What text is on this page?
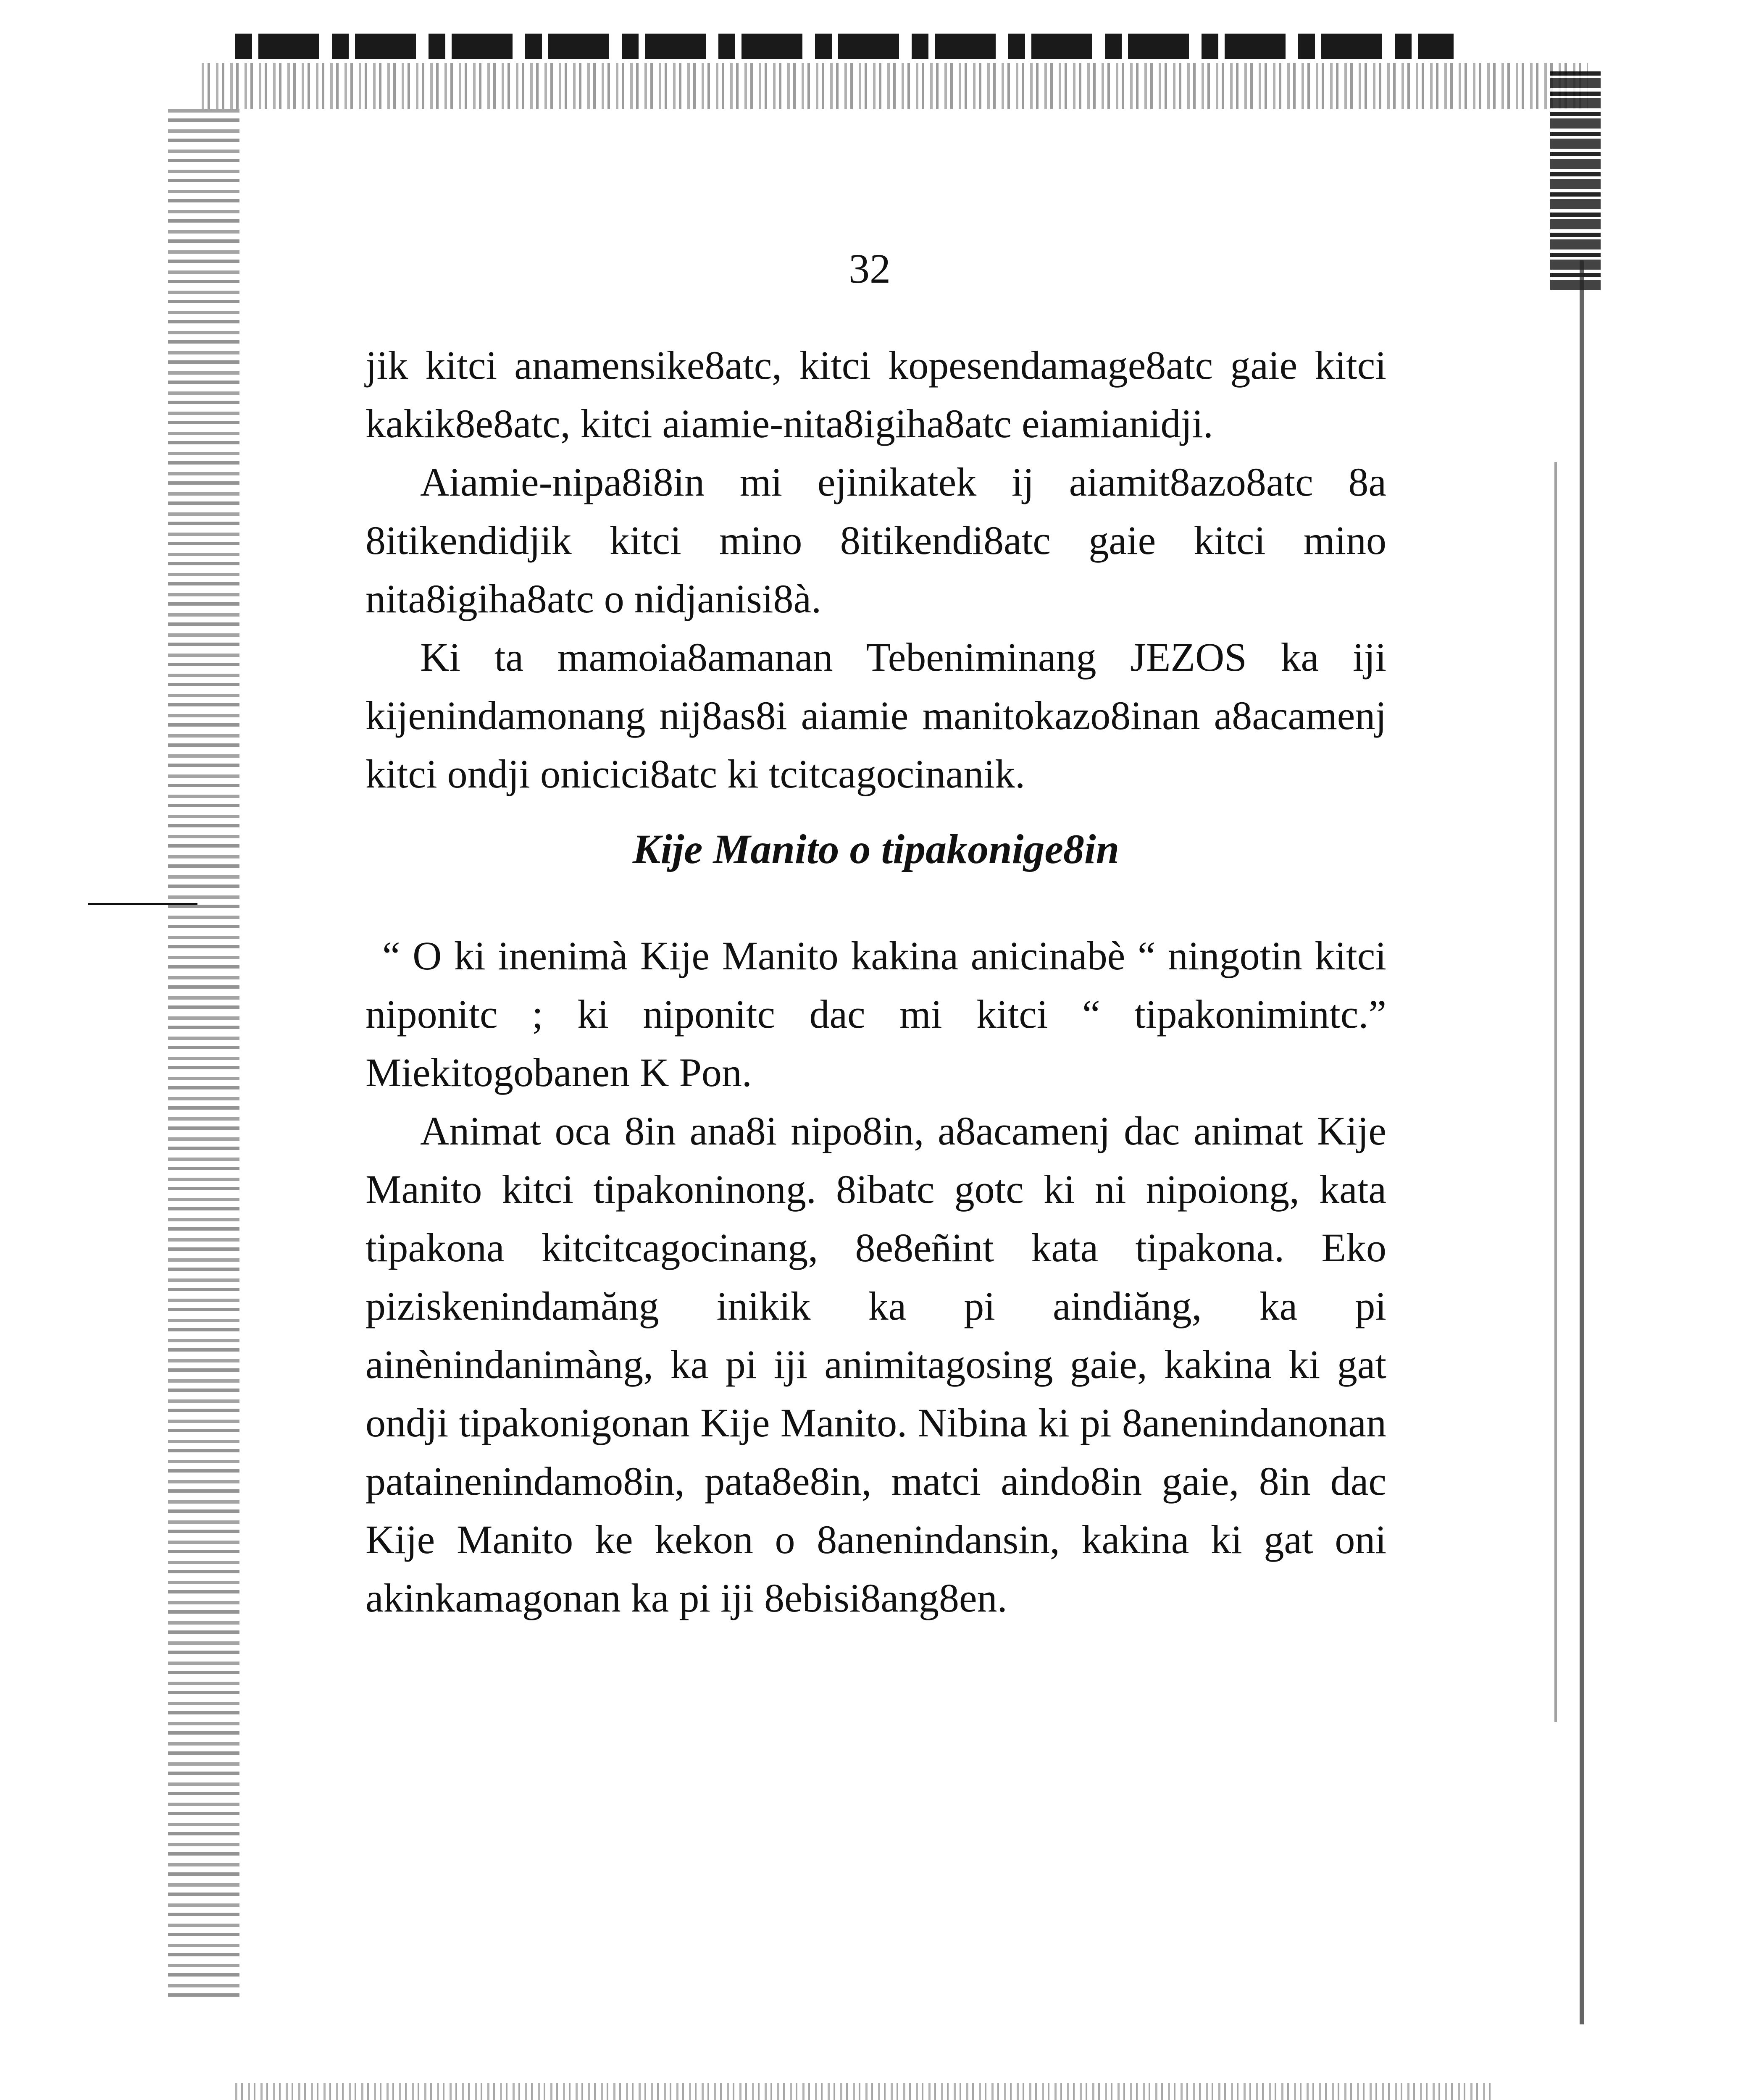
32

jik kitci anamensike8atc, kitci kopesendamage8atc gaie kitci kakik8e8atc, kitci aiamie-nita8igiha8atc eiamianidji.

Aiamie-nipa8i8in mi ejinikatek ij aiamit8azo8atc 8a 8itikendidjik kitci mino 8itikendi8atc gaie kitci mino nita8igiha8atc o nidjanisi8à.

Ki ta mamoia8amanan Tebeniminang JEZOS ka iji kijenindamonang nij8as8i aiamie manitokazo8inan a8acamenj kitci ondji onicici8atc ki tcitcagocinanik.

Kije Manito o tipakonige8in

“ O ki inenimà Kije Manito kakina anicinabè “ ningotin kitci niponitc ; ki niponitc dac mi kitci “ tipakonimintc.” Miekitogobanen K Pon.

Animat oca 8in ana8i nipo8in, a8acamenj dac animat Kije Manito kitci tipakoninong. 8ibatc gotc ki ni nipoiong, kata tipakona kitcitcagocinang, 8e8eñint kata tipakona. Eko piziskenindamăng inikik ka pi aindiăng, ka pi ainènindanimàng, ka pi iji animitagosing gaie, kakina ki gat ondji tipakonigonan Kije Manito. Nibina ki pi 8anenindanonan patainenindamo8in, pata8e8in, matci aindo8in gaie, 8in dac Kije Manito ke kekon o 8anenindansin, kakina ki gat oni akinkamagonan ka pi iji 8ebisi8ang8en.
